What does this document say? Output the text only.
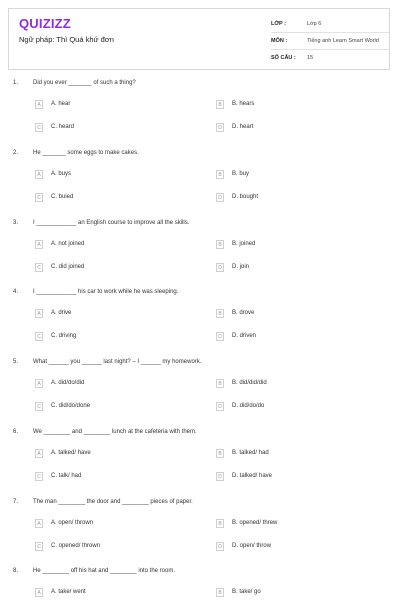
QUIZIZZ
Ngữ pháp: Thì Quá khứ đơn
LỚP :	Lớp 6
MÔN :	Tiếng anh Learn Smart World
SỐ CÂU :	15
1. Did you ever _______ of such a thing?
A	A. hear	B	B. hears
C	C. heard	D	D. heart
2. He _______ some eggs to make cakes.
A	A. buys	B	B. buy
C	C. buied	D	D. bought
3. I ____________ an English course to improve all the skills.
A	A. not joined	B	B. joined
C	C. did joined	D	D. join
4. I ____________ his car to work while he was sleeping.
A	A. drive	B	B. drove
C	C. driving	D	D. driven
5. What ______ you ______ last night? – I ______ my homework.
A	A. did/do/did	B	B. did/did/did
C	C. did/do/done	D	D. did/do/do
6. We ________ and ________ lunch at the cafeteria with them.
A	A. talked/ have	B	B. talked/ had
C	C. talk/ had	D	D. talked/ have
7. The man ________ the door and ________ pieces of paper.
A	A. open/ thrown	B	B. opened/ threw
C	C. opened/ thrown	D	D. open/ throw
8. He ________ off his hat and ________ into the room.
A	A. take/ went	B	B. take/ go
